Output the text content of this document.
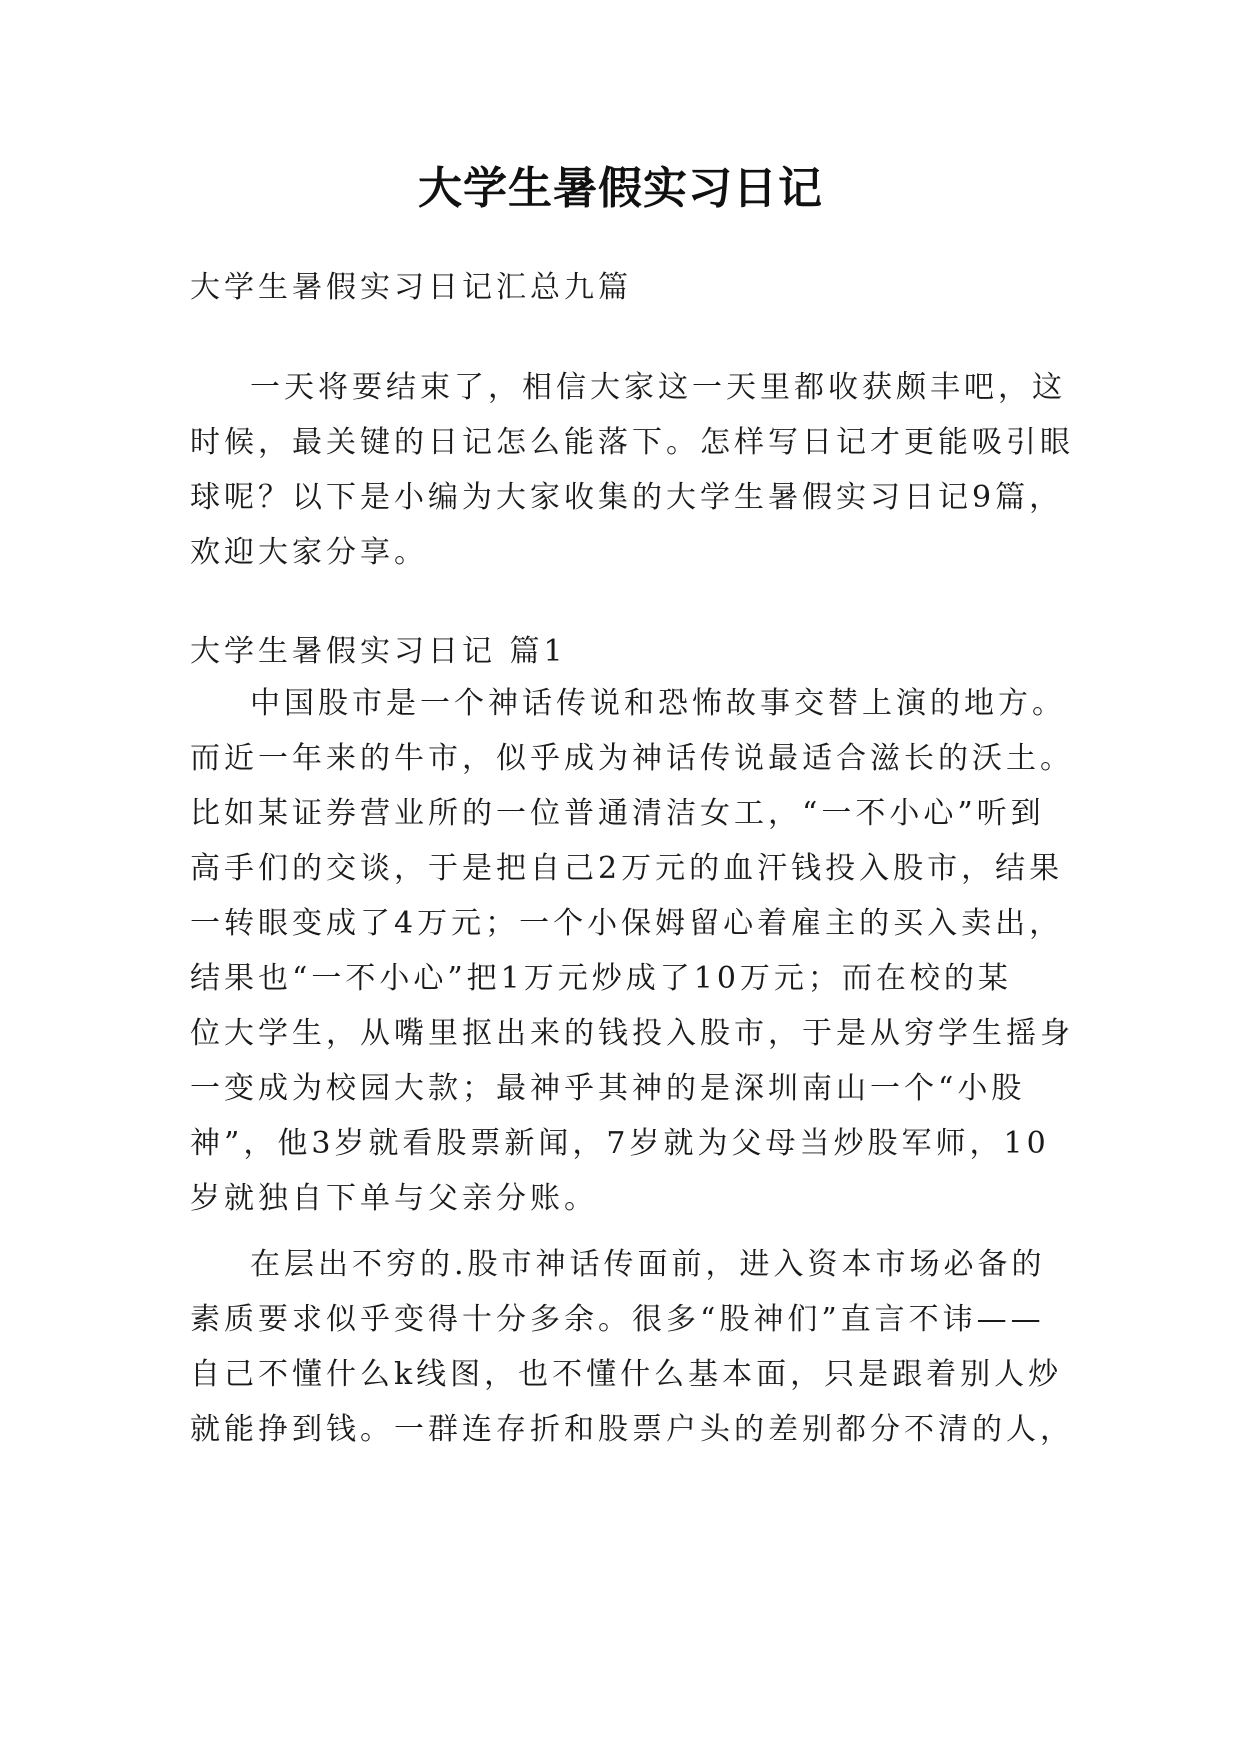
大学生暑假实习日记
大学生暑假实习日记汇总九篇
一天将要结束了，相信大家这一天里都收获颇丰吧，这
时候，最关键的日记怎么能落下。怎样写日记才更能吸引眼
球呢？以下是小编为大家收集的大学生暑假实习日记9篇，
欢迎大家分享。
大学生暑假实习日记 篇1
中国股市是一个神话传说和恐怖故事交替上演的地方。
而近一年来的牛市，似乎成为神话传说最适合滋长的沃土。
比如某证券营业所的一位普通清洁女工，“一不小心”听到
高手们的交谈，于是把自己2万元的血汗钱投入股市，结果
一转眼变成了4万元；一个小保姆留心着雇主的买入卖出，
结果也“一不小心”把1万元炒成了10万元；而在校的某
位大学生，从嘴里抠出来的钱投入股市，于是从穷学生摇身
一变成为校园大款；最神乎其神的是深圳南山一个“小股
神”，他3岁就看股票新闻，7岁就为父母当炒股军师，10
岁就独自下单与父亲分账。
在层出不穷的.股市神话传面前，进入资本市场必备的
素质要求似乎变得十分多余。很多“股神们”直言不讳——
自己不懂什么k线图，也不懂什么基本面，只是跟着别人炒
就能挣到钱。一群连存折和股票户头的差别都分不清的人，
